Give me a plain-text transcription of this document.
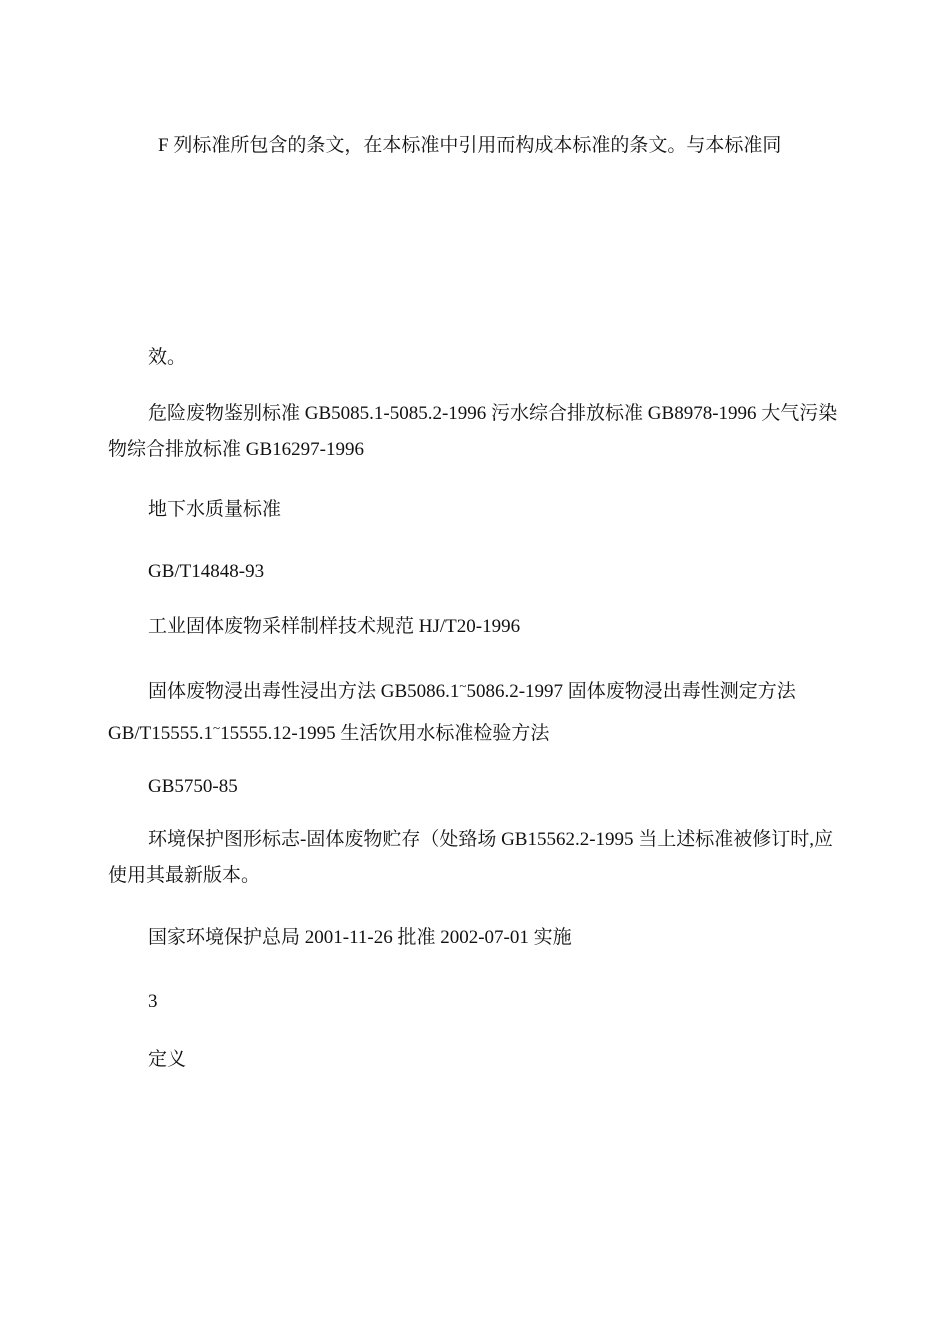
F 列标准所包含的条文，在本标准中引用而构成本标准的条文。与本标准同
效。
危险废物鉴别标准 GB5085.1-5085.2-1996 污水综合排放标准 GB8978-1996 大气污染物综合排放标准 GB16297-1996
地下水质量标准
GB/T14848-93
工业固体废物采样制样技术规范 HJ/T20-1996
固体废物浸出毒性浸出方法 GB5086.1~5086.2-1997 固体废物浸出毒性测定方法 GB/T15555.1~15555.12-1995 生活饮用水标准检验方法
GB5750-85
环境保护图形标志-固体废物贮存（处臵场 GB15562.2-1995 当上述标准被修订时,应使用其最新版本。
国家环境保护总局 2001-11-26 批准 2002-07-01 实施
3
定义
